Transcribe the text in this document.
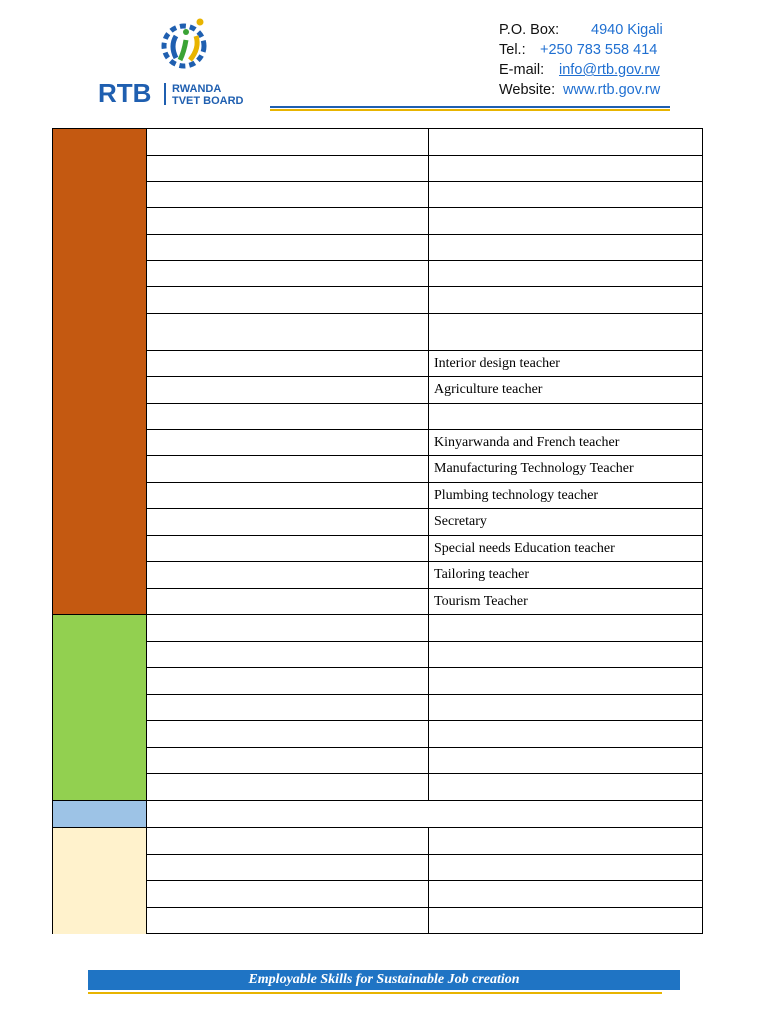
RTB RWANDA
TVET BOARD
P.O. Box: 4940 Kigali
Tel.: +250 783 558 414
E-mail: info@rtb.gov.rw
Website: www.rtb.gov.rw

		Interior design teacher
		Agriculture teacher

		Kinyarwanda and French teacher
		Manufacturing Technology Teacher
		Plumbing technology teacher
		Secretary
		Special needs Education teacher
		Tailoring teacher
		Tourism Teacher

Employable Skills for Sustainable Job creation
